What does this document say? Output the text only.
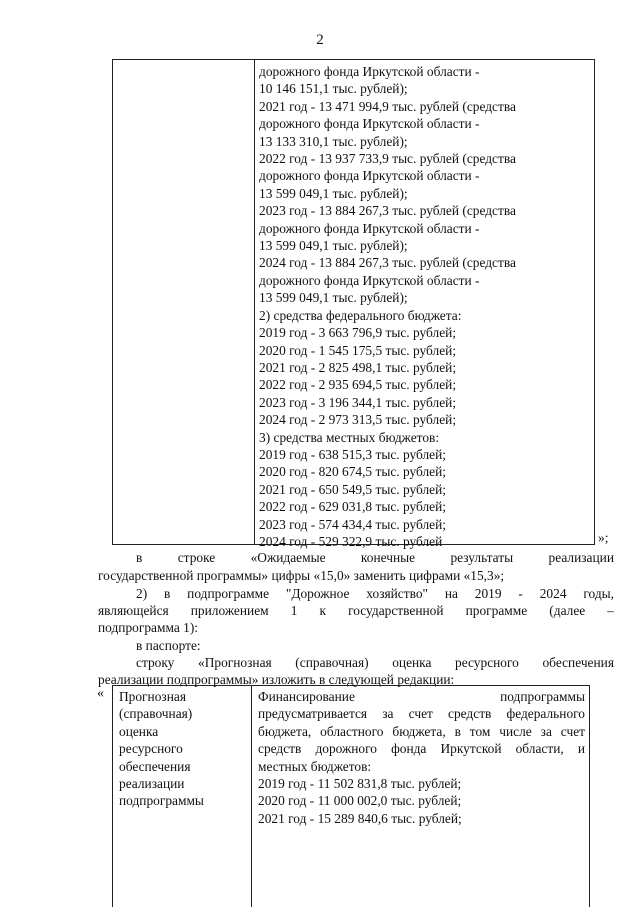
2
дорожного фонда Иркутской области -
10 146 151,1 тыс. рублей);
2021 год - 13 471 994,9 тыс. рублей (средства
дорожного фонда Иркутской области -
13 133 310,1 тыс. рублей);
2022 год - 13 937 733,9 тыс. рублей (средства
дорожного фонда Иркутской области -
13 599 049,1 тыс. рублей);
2023 год - 13 884 267,3 тыс. рублей (средства
дорожного фонда Иркутской области -
13 599 049,1 тыс. рублей);
2024 год - 13 884 267,3 тыс. рублей (средства
дорожного фонда Иркутской области -
13 599 049,1 тыс. рублей);
2) средства федерального бюджета:
2019 год - 3 663 796,9 тыс. рублей;
2020 год - 1 545 175,5 тыс. рублей;
2021 год - 2 825 498,1 тыс. рублей;
2022 год - 2 935 694,5 тыс. рублей;
2023 год - 3 196 344,1 тыс. рублей;
2024 год - 2 973 313,5 тыс. рублей;
3) средства местных бюджетов:
2019 год - 638 515,3 тыс. рублей;
2020 год - 820 674,5 тыс. рублей;
2021 год - 650 549,5 тыс. рублей;
2022 год - 629 031,8 тыс. рублей;
2023 год - 574 434,4 тыс. рублей;
2024 год - 529 322,9 тыс. рублей	»;
в строке «Ожидаемые конечные результаты реализации
государственной программы» цифры «15,0» заменить цифрами «15,3»;
2) в подпрограмме "Дорожное хозяйство" на 2019 - 2024 годы,
являющейся приложением 1 к государственной программе (далее –
подпрограмма 1):
в паспорте:
строку «Прогнозная (справочная) оценка ресурсного обеспечения
реализации подпрограммы» изложить в следующей редакции:
« Прогнозная
(справочная)
оценка
ресурсного
обеспечения
реализации
подпрограммы
Финансирование подпрограммы
предусматривается за счет средств федерального
бюджета, областного бюджета, в том числе за счет
средств дорожного фонда Иркутской области, и
местных бюджетов:
2019 год - 11 502 831,8 тыс. рублей;
2020 год - 11 000 002,0 тыс. рублей;
2021 год - 15 289 840,6 тыс. рублей;
